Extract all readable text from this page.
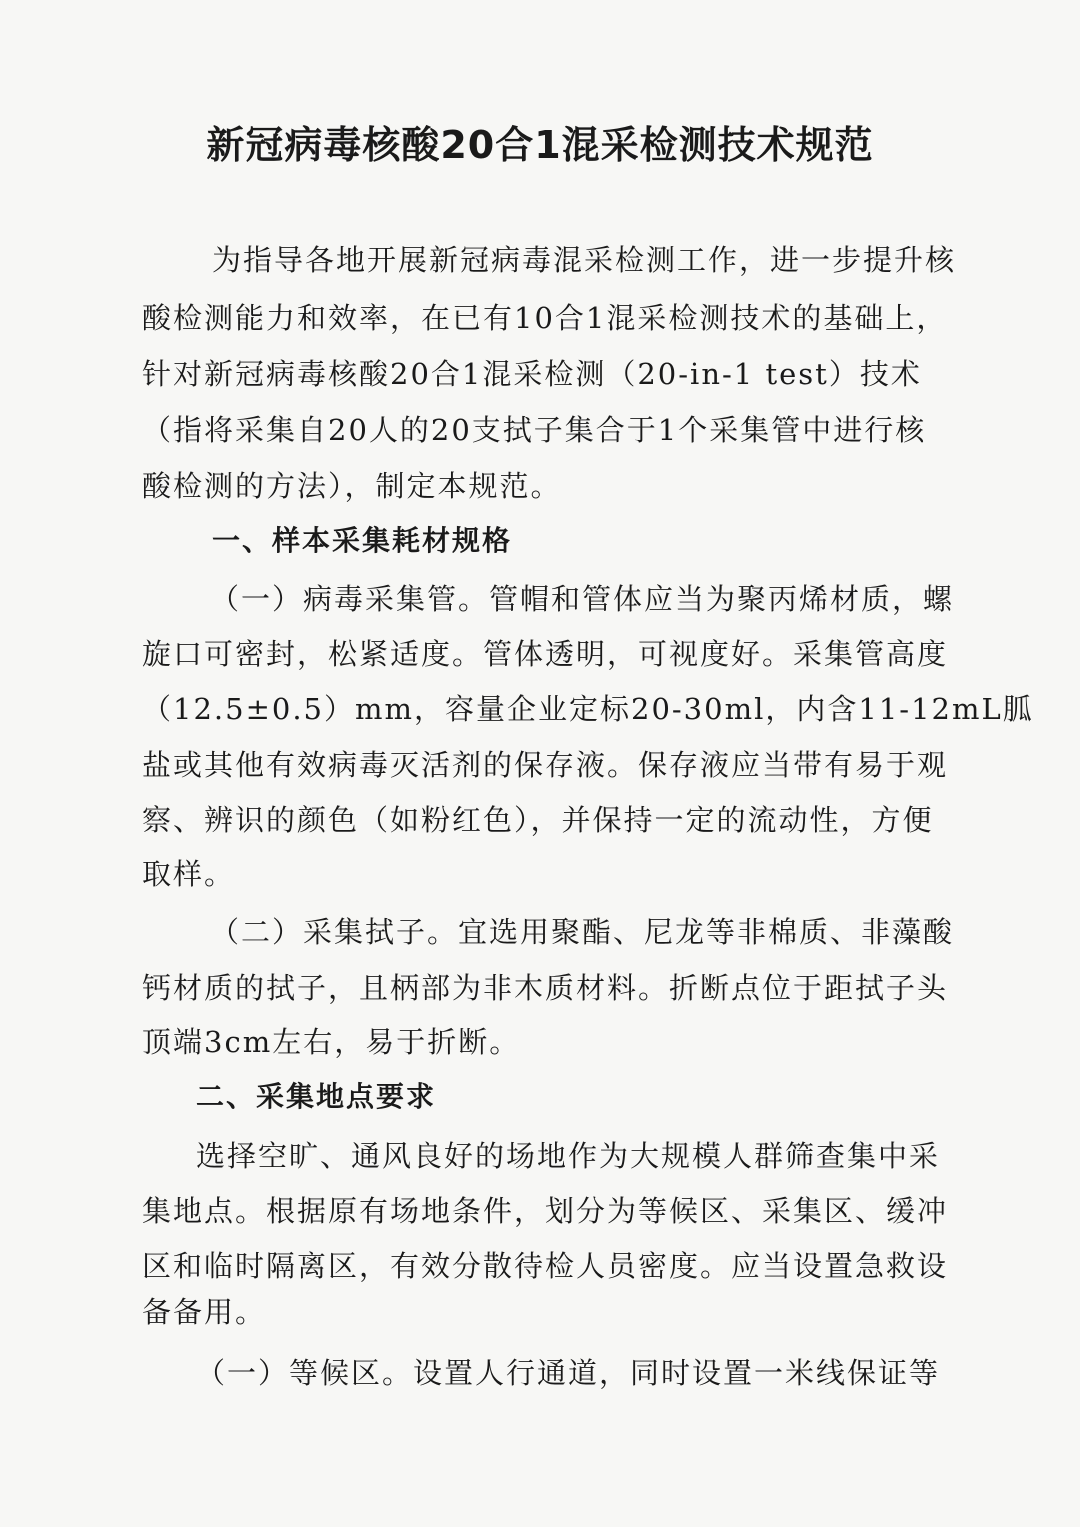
新冠病毒核酸20合1混采检测技术规范

为指导各地开展新冠病毒混采检测工作，进一步提升核

酸检测能力和效率，在已有10合1混采检测技术的基础上，

针对新冠病毒核酸20合1混采检测（20-in-1 test）技术

（指将采集自20人的20支拭子集合于1个采集管中进行核

酸检测的方法），制定本规范。

一、样本采集耗材规格

（一）病毒采集管。管帽和管体应当为聚丙烯材质，螺

旋口可密封，松紧适度。管体透明，可视度好。采集管高度

（12.5±0.5）mm，容量企业定标20-30ml，内含11-12mL胍

盐或其他有效病毒灭活剂的保存液。保存液应当带有易于观

察、辨识的颜色（如粉红色），并保持一定的流动性，方便

取样。

（二）采集拭子。宜选用聚酯、尼龙等非棉质、非藻酸

钙材质的拭子，且柄部为非木质材料。折断点位于距拭子头

顶端3cm左右，易于折断。

二、采集地点要求

选择空旷、通风良好的场地作为大规模人群筛查集中采

集地点。根据原有场地条件，划分为等候区、采集区、缓冲

区和临时隔离区，有效分散待检人员密度。应当设置急救设

备备用。

（一）等候区。设置人行通道，同时设置一米线保证等
